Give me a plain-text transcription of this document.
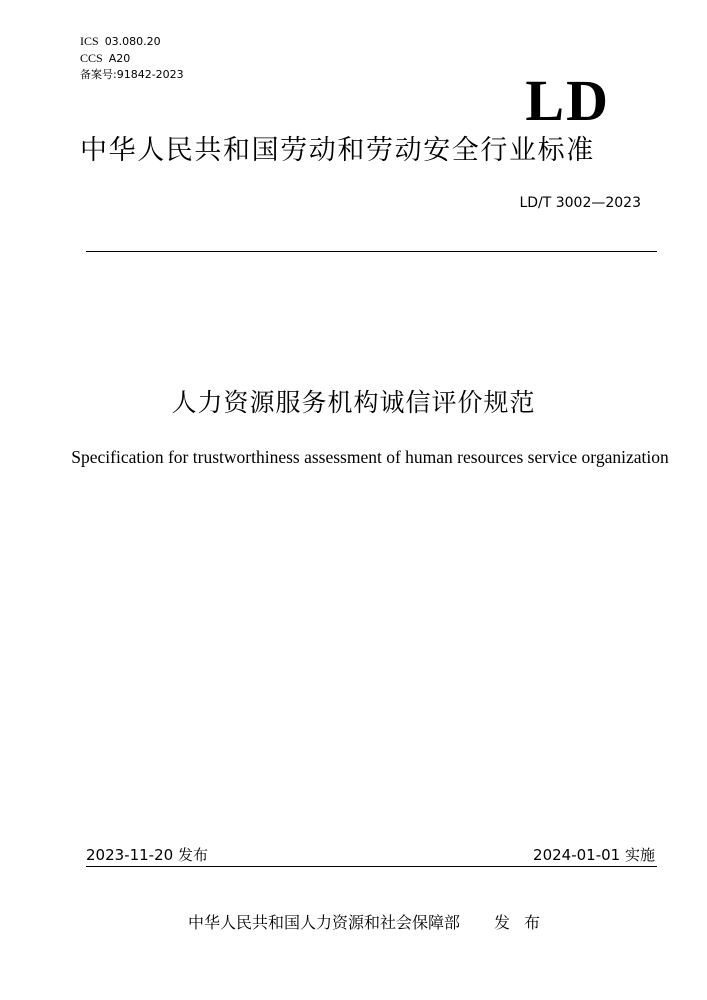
ICS 03.080.20
CCS A20
备案号:91842-2023	LD
中华人民共和国劳动和劳动安全行业标准
LD/T 3002—2023
人力资源服务机构诚信评价规范
Specification for trustworthiness assessment of human resources service organization
2023-11-20 发布	2024-01-01 实施
中华人民共和国人力资源和社会保障部 发布
